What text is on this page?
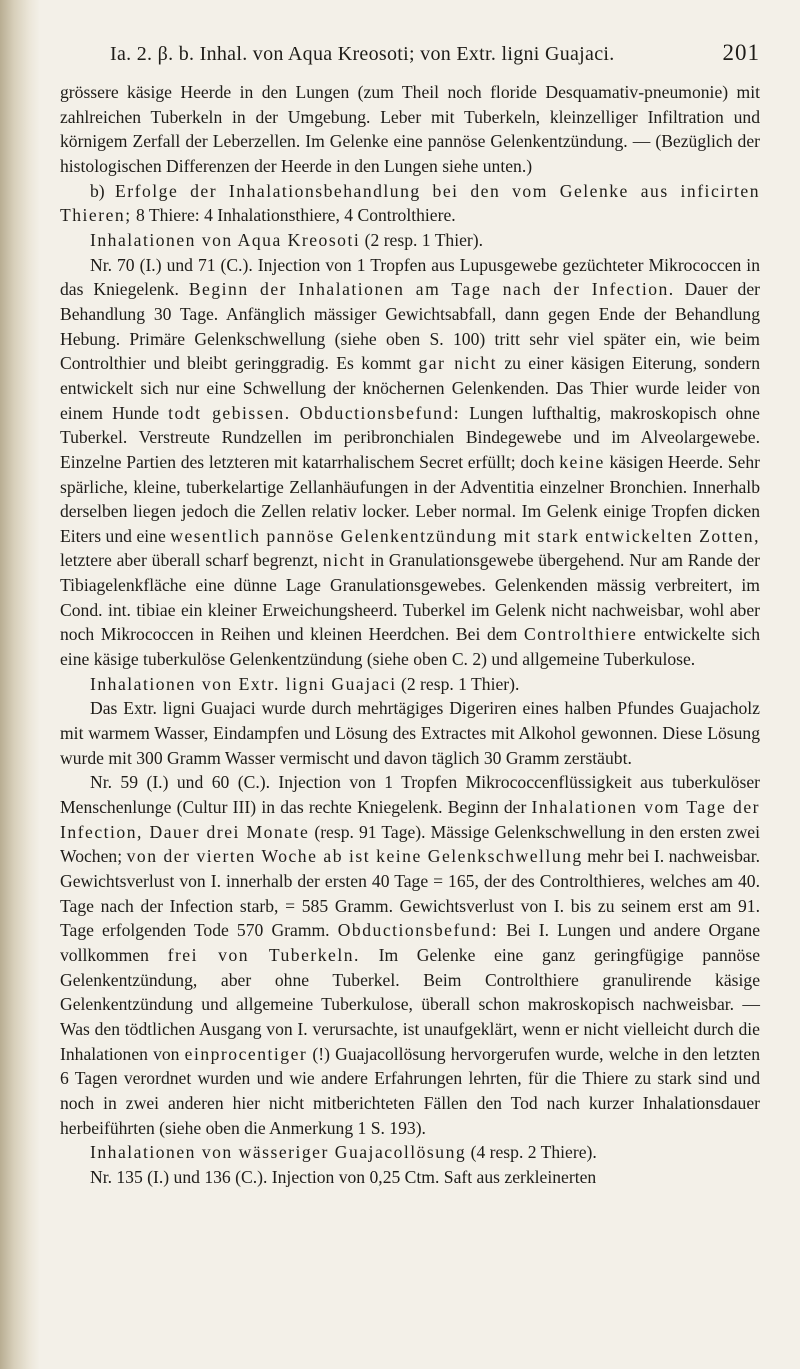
Ia. 2. β. b. Inhal. von Aqua Kreosoti; von Extr. ligni Guajaci.	201

grössere käsige Heerde in den Lungen (zum Theil noch floride Desquamativ-pneumonie) mit zahlreichen Tuberkeln in der Umgebung. Leber mit Tuberkeln, kleinzelliger Infiltration und körnigem Zerfall der Leberzellen. Im Gelenke eine pannöse Gelenkentzündung. — (Bezüglich der histologischen Differenzen der Heerde in den Lungen siehe unten.)

b) Erfolge der Inhalationsbehandlung bei den vom Gelenke aus inficirten Thieren; 8 Thiere: 4 Inhalationsthiere, 4 Controlthiere.

Inhalationen von Aqua Kreosoti (2 resp. 1 Thier).

Nr. 70 (I.) und 71 (C.). Injection von 1 Tropfen aus Lupusgewebe gezüchteter Mikrococcen in das Kniegelenk. Beginn der Inhalationen am Tage nach der Infection. Dauer der Behandlung 30 Tage. Anfänglich mässiger Gewichtsabfall, dann gegen Ende der Behandlung Hebung. Primäre Gelenkschwellung (siehe oben S. 100) tritt sehr viel später ein, wie beim Controlthier und bleibt geringgradig. Es kommt gar nicht zu einer käsigen Eiterung, sondern entwickelt sich nur eine Schwellung der knöchernen Gelenkenden. Das Thier wurde leider von einem Hunde todt gebissen. Obductionsbefund: Lungen lufthaltig, makroskopisch ohne Tuberkel. Verstreute Rundzellen im peribronchialen Bindegewebe und im Alveolargewebe. Einzelne Partien des letzteren mit katarrhalischem Secret erfüllt; doch keine käsigen Heerde. Sehr spärliche, kleine, tuberkelartige Zellanhäufungen in der Adventitia einzelner Bronchien. Innerhalb derselben liegen jedoch die Zellen relativ locker. Leber normal. Im Gelenk einige Tropfen dicken Eiters und eine wesentlich pannöse Gelenkentzündung mit stark entwickelten Zotten, letztere aber überall scharf begrenzt, nicht in Granulationsgewebe übergehend. Nur am Rande der Tibiagelenkfläche eine dünne Lage Granulationsgewebes. Gelenkenden mässig verbreitert, im Cond. int. tibiae ein kleiner Erweichungsheerd. Tuberkel im Gelenk nicht nachweisbar, wohl aber noch Mikrococcen in Reihen und kleinen Heerdchen. Bei dem Controlthiere entwickelte sich eine käsige tuberkulöse Gelenkentzündung (siehe oben C. 2) und allgemeine Tuberkulose.

Inhalationen von Extr. ligni Guajaci (2 resp. 1 Thier).

Das Extr. ligni Guajaci wurde durch mehrtägiges Digeriren eines halben Pfundes Guajacholz mit warmem Wasser, Eindampfen und Lösung des Extractes mit Alkohol gewonnen. Diese Lösung wurde mit 300 Gramm Wasser vermischt und davon täglich 30 Gramm zerstäubt.

Nr. 59 (I.) und 60 (C.). Injection von 1 Tropfen Mikrococcenflüssigkeit aus tuberkulöser Menschenlunge (Cultur III) in das rechte Kniegelenk. Beginn der Inhalationen vom Tage der Infection, Dauer drei Monate (resp. 91 Tage). Mässige Gelenkschwellung in den ersten zwei Wochen; von der vierten Woche ab ist keine Gelenkschwellung mehr bei I. nachweisbar. Gewichtsverlust von I. innerhalb der ersten 40 Tage = 165, der des Controlthieres, welches am 40. Tage nach der Infection starb, = 585 Gramm. Gewichtsverlust von I. bis zu seinem erst am 91. Tage erfolgenden Tode 570 Gramm. Obductionsbefund: Bei I. Lungen und andere Organe vollkommen frei von Tuberkeln. Im Gelenke eine ganz geringfügige pannöse Gelenkentzündung, aber ohne Tuberkel. Beim Controlthiere granulirende käsige Gelenkentzündung und allgemeine Tuberkulose, überall schon makroskopisch nachweisbar. — Was den tödtlichen Ausgang von I. verursachte, ist unaufgeklärt, wenn er nicht vielleicht durch die Inhalationen von einprocentiger (!) Guajacollösung hervorgerufen wurde, welche in den letzten 6 Tagen verordnet wurden und wie andere Erfahrungen lehrten, für die Thiere zu stark sind und noch in zwei anderen hier nicht mitberichteten Fällen den Tod nach kurzer Inhalationsdauer herbeiführten (siehe oben die Anmerkung 1 S. 193).

Inhalationen von wässeriger Guajacollösung (4 resp. 2 Thiere).

Nr. 135 (I.) und 136 (C.). Injection von 0,25 Ctm. Saft aus zerkleinerten
